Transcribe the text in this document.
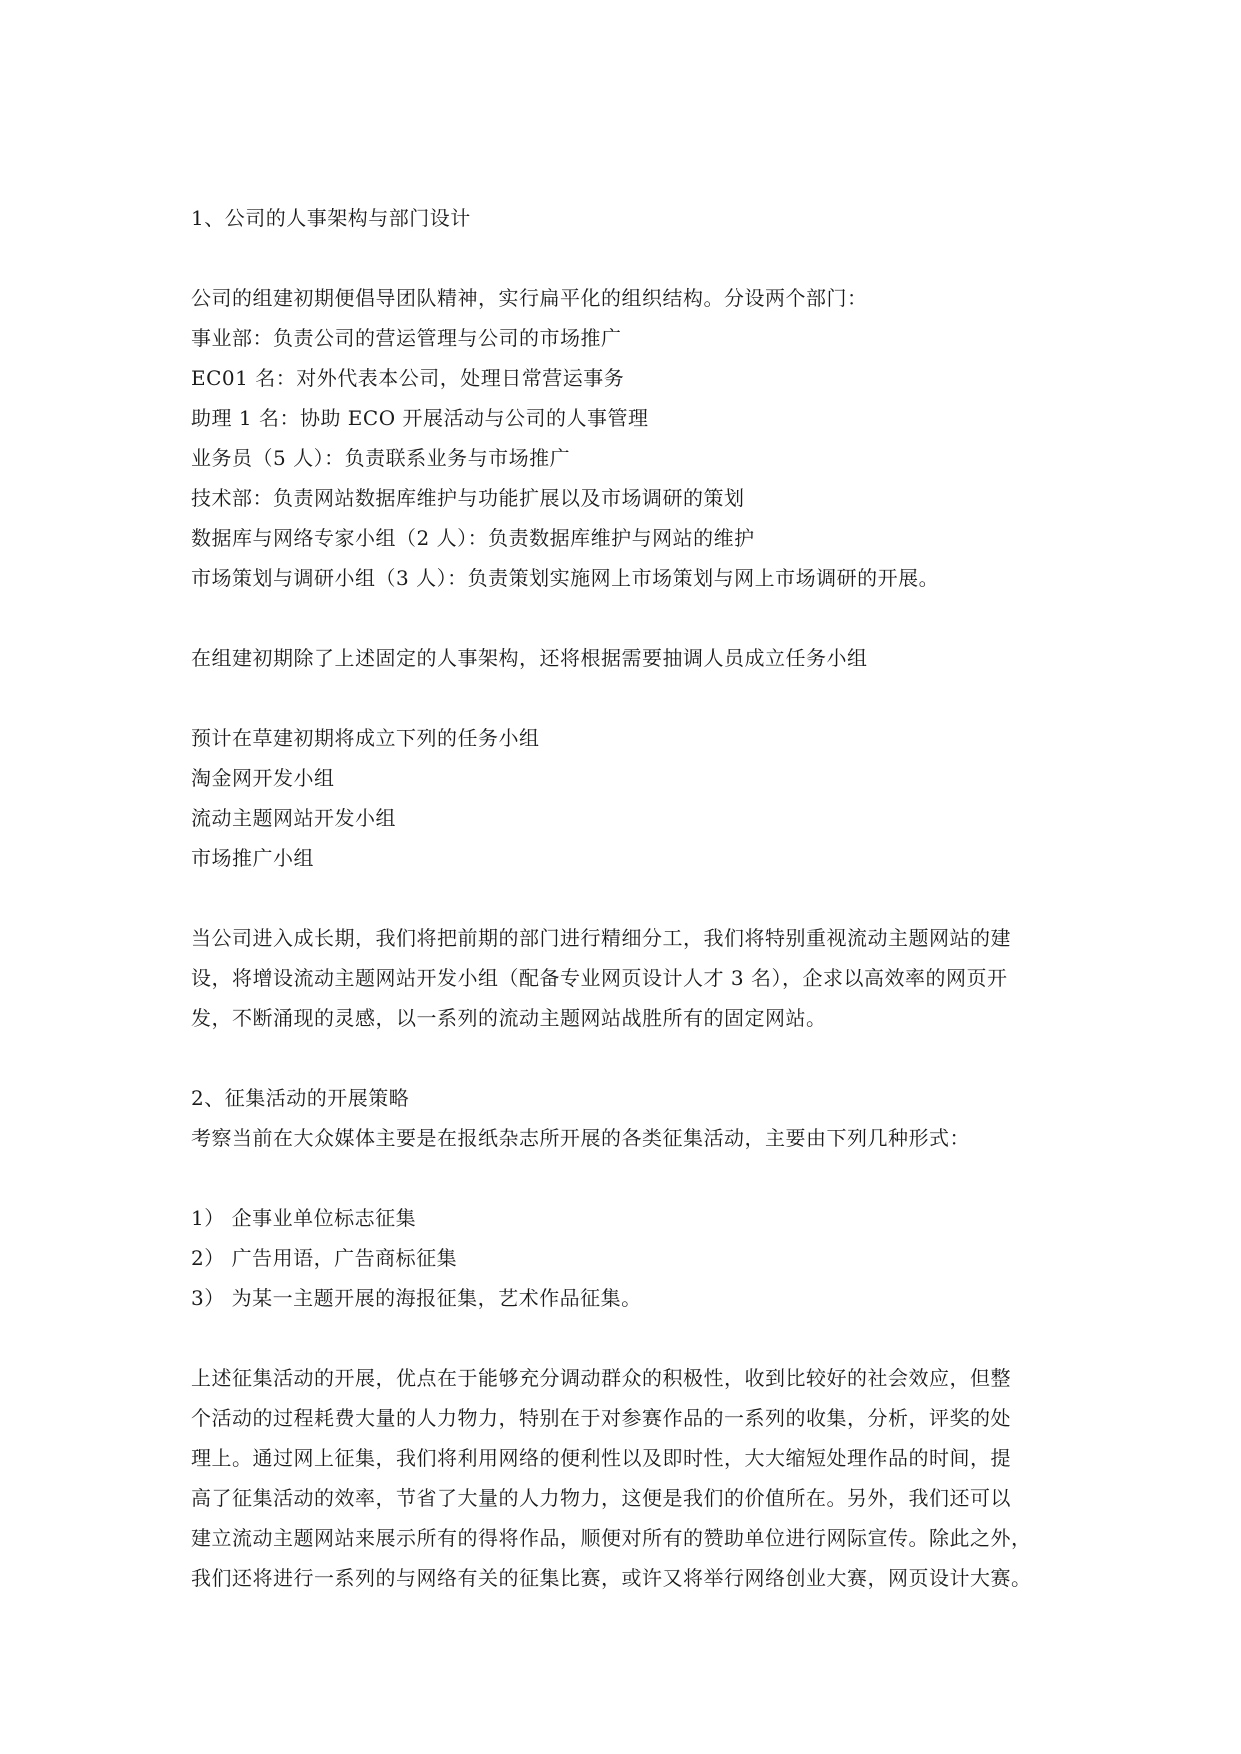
1、公司的人事架构与部门设计
公司的组建初期便倡导团队精神，实行扁平化的组织结构。分设两个部门：
事业部：负责公司的营运管理与公司的市场推广
EC01 名：对外代表本公司，处理日常营运事务
助理 1 名：协助 ECO 开展活动与公司的人事管理
业务员（5 人）：负责联系业务与市场推广
技术部：负责网站数据库维护与功能扩展以及市场调研的策划
数据库与网络专家小组（2 人）：负责数据库维护与网站的维护
市场策划与调研小组（3 人）：负责策划实施网上市场策划与网上市场调研的开展。
在组建初期除了上述固定的人事架构，还将根据需要抽调人员成立任务小组
预计在草建初期将成立下列的任务小组
淘金网开发小组
流动主题网站开发小组
市场推广小组
当公司进入成长期，我们将把前期的部门进行精细分工，我们将特别重视流动主题网站的建
设，将增设流动主题网站开发小组（配备专业网页设计人才 3 名），企求以高效率的网页开
发，不断涌现的灵感，以一系列的流动主题网站战胜所有的固定网站。
2、征集活动的开展策略
考察当前在大众媒体主要是在报纸杂志所开展的各类征集活动，主要由下列几种形式：
1） 企事业单位标志征集
2） 广告用语，广告商标征集
3） 为某一主题开展的海报征集，艺术作品征集。
上述征集活动的开展，优点在于能够充分调动群众的积极性，收到比较好的社会效应，但整
个活动的过程耗费大量的人力物力，特别在于对参赛作品的一系列的收集，分析，评奖的处
理上。通过网上征集，我们将利用网络的便利性以及即时性，大大缩短处理作品的时间，提
高了征集活动的效率，节省了大量的人力物力，这便是我们的价值所在。另外，我们还可以
建立流动主题网站来展示所有的得将作品，顺便对所有的赞助单位进行网际宣传。除此之外，
我们还将进行一系列的与网络有关的征集比赛，或许又将举行网络创业大赛，网页设计大赛。
